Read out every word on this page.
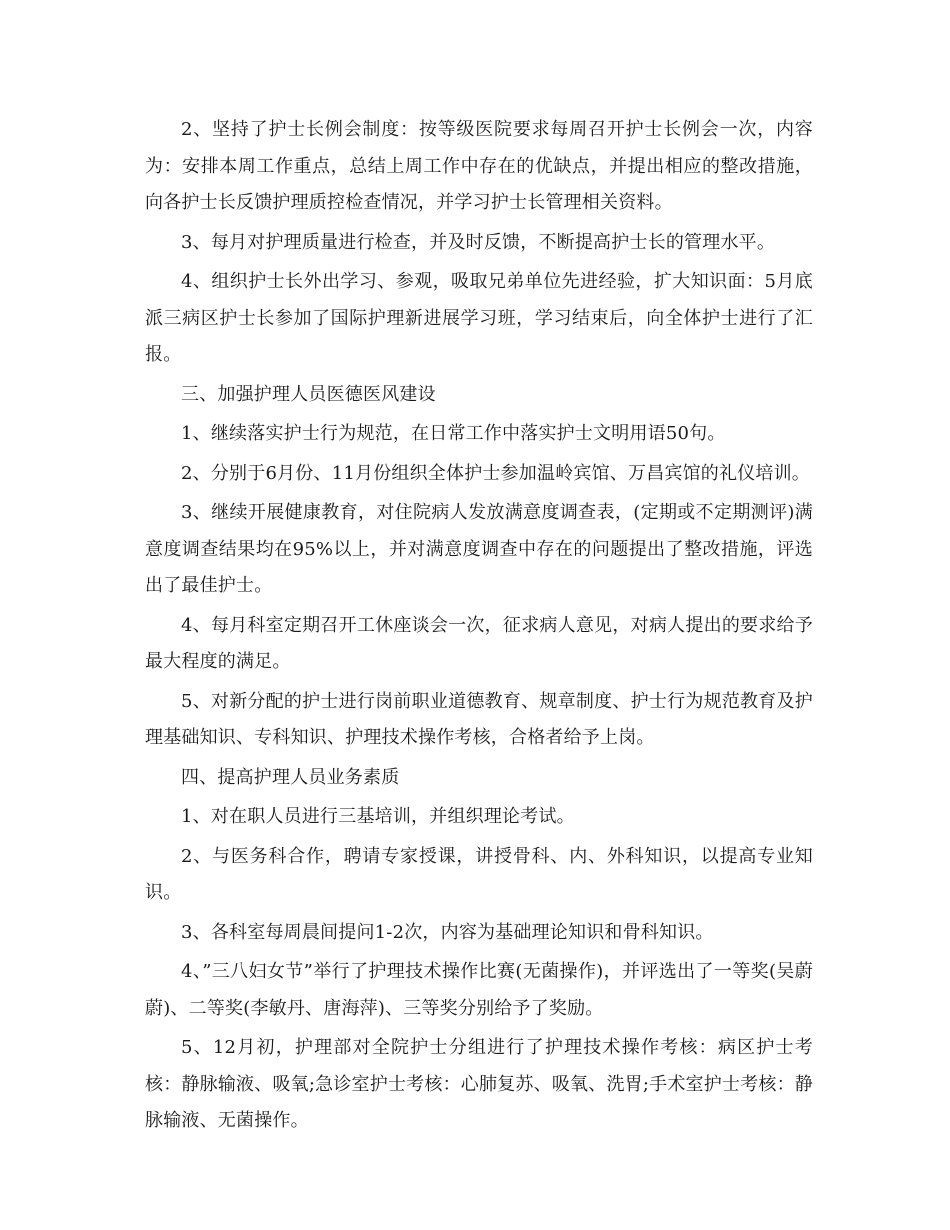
2、坚持了护士长例会制度：按等级医院要求每周召开护士长例会一次，内容为：安排本周工作重点，总结上周工作中存在的优缺点，并提出相应的整改措施，向各护士长反馈护理质控检查情况，并学习护士长管理相关资料。

3、每月对护理质量进行检查，并及时反馈，不断提高护士长的管理水平。

4、组织护士长外出学习、参观，吸取兄弟单位先进经验，扩大知识面：5月底派三病区护士长参加了国际护理新进展学习班，学习结束后，向全体护士进行了汇报。

三、加强护理人员医德医风建设

1、继续落实护士行为规范，在日常工作中落实护士文明用语50句。

2、分别于6月份、11月份组织全体护士参加温岭宾馆、万昌宾馆的礼仪培训。

3、继续开展健康教育，对住院病人发放满意度调查表，(定期或不定期测评)满意度调查结果均在95%以上，并对满意度调查中存在的问题提出了整改措施，评选出了最佳护士。

4、每月科室定期召开工休座谈会一次，征求病人意见，对病人提出的要求给予最大程度的满足。

5、对新分配的护士进行岗前职业道德教育、规章制度、护士行为规范教育及护理基础知识、专科知识、护理技术操作考核，合格者给予上岗。

四、提高护理人员业务素质

1、对在职人员进行三基培训，并组织理论考试。

2、与医务科合作，聘请专家授课，讲授骨科、内、外科知识，以提高专业知识。

3、各科室每周晨间提问1-2次，内容为基础理论知识和骨科知识。

4、”三八妇女节”举行了护理技术操作比赛(无菌操作)，并评选出了一等奖(吴蔚蔚)、二等奖(李敏丹、唐海萍)、三等奖分别给予了奖励。

5、12月初，护理部对全院护士分组进行了护理技术操作考核：病区护士考核：静脉输液、吸氧;急诊室护士考核：心肺复苏、吸氧、洗胃;手术室护士考核：静脉输液、无菌操作。
